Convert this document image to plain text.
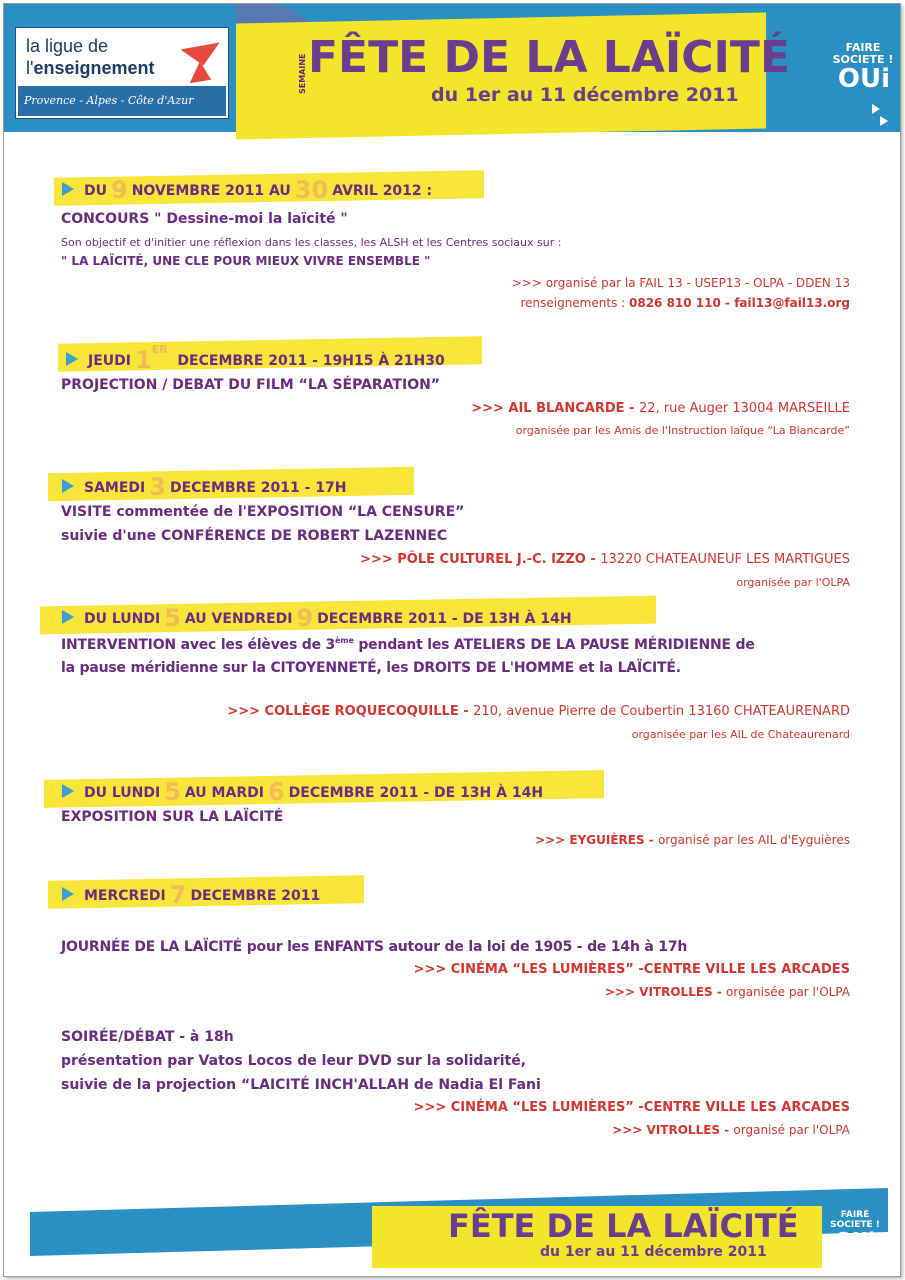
la ligue de
l'enseignement
Provence - Alpes - Côte d'Azur
SEMAINE FÊTE DE LA LAÏCITÉ
du 1er au 11 décembre 2011
FAIRE
SOCIETE !
OUi
DU 9 NOVEMBRE 2011 AU 30 AVRIL 2012 :
CONCOURS " Dessine-moi la laïcité "
Son objectif et d'initier une réflexion dans les classes, les ALSH et les Centres sociaux sur :
" LA LAÏCITÉ, UNE CLE POUR MIEUX VIVRE ENSEMBLE "
>>> organisé par la FAIL 13 - USEP13 - OLPA - DDEN 13
renseignements : 0826 810 110 - fail13@fail13.org
JEUDI 1ER  DECEMBRE 2011 - 19H15 À 21H30
PROJECTION / DEBAT DU FILM “LA SÉPARATION”
>>> AIL BLANCARDE - 22, rue Auger 13004 MARSEILLE
organisée par les Amis de l'Instruction laïque “La Blancarde”
SAMEDI 3 DECEMBRE 2011 - 17H
VISITE commentée de l'EXPOSITION “LA CENSURE”
suivie d'une CONFÉRENCE DE ROBERT LAZENNEC
>>> PÔLE CULTUREL J.-C. IZZO - 13220 CHATEAUNEUF LES MARTIGUES
organisée par l'OLPA
DU LUNDI 5 AU VENDREDI 9 DECEMBRE 2011 - DE 13H À 14H
INTERVENTION avec les élèves de 3ème pendant les ATELIERS DE LA PAUSE MÉRIDIENNE de
la pause méridienne sur la CITOYENNETÉ, les DROITS DE L'HOMME et la LAÏCITÉ.
>>> COLLÈGE ROQUECOQUILLE - 210, avenue Pierre de Coubertin 13160 CHATEAURENARD
organisée par les AIL de Chateaurenard
DU LUNDI 5 AU MARDI 6 DECEMBRE 2011 - DE 13H À 14H
EXPOSITION SUR LA LAÏCITÉ
>>> EYGUIÈRES - organisé par les AIL d'Eyguières
MERCREDI 7 DECEMBRE 2011
JOURNÉE DE LA LAÏCITÉ pour les ENFANTS autour de la loi de 1905 - de 14h à 17h
>>> CINÉMA “LES LUMIÈRES” -CENTRE VILLE LES ARCADES
>>> VITROLLES - organisée par l'OLPA
SOIRÉE/DÉBAT - à 18h
présentation par Vatos Locos de leur DVD sur la solidarité,
suivie de la projection “LAICITÉ INCH'ALLAH de Nadia El Fani
>>> CINÉMA “LES LUMIÈRES” -CENTRE VILLE LES ARCADES
>>> VITROLLES - organisé par l'OLPA
FÊTE DE LA LAÏCITÉ
du 1er au 11 décembre 2011
FAIRE
SOCIETE !
OUi
